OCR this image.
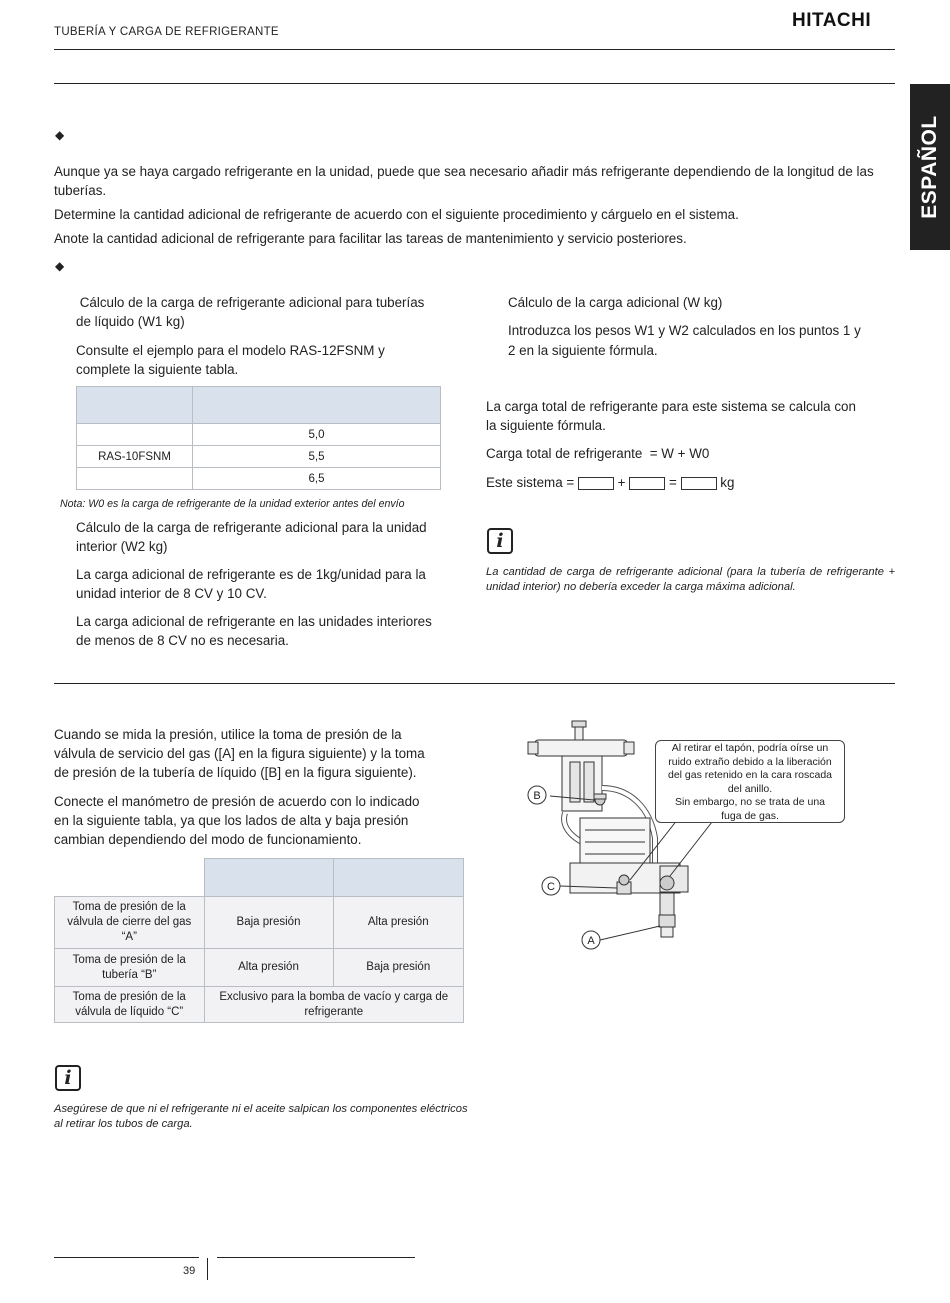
TUBERÍA Y CARGA DE REFRIGERANTE
HITACHI
ESPAÑOL
◆
Aunque ya se haya cargado refrigerante en la unidad, puede que sea necesario añadir más refrigerante dependiendo de la longitud de las tuberías.
Determine la cantidad adicional de refrigerante de acuerdo con el siguiente procedimiento y cárguelo en el sistema.
Anote la cantidad adicional de refrigerante para facilitar las tareas de mantenimiento y servicio posteriores.
◆
Cálculo de la carga de refrigerante adicional para tuberías
de líquido (W1 kg)
Consulte el ejemplo para el modelo RAS-12FSNM y
complete la siguiente tabla.

	5,0
RAS-10FSNM	5,5
	6,5
Nota: W0 es la carga de refrigerante de la unidad exterior antes del envío
Cálculo de la carga de refrigerante adicional para la unidad
interior (W2 kg)
La carga adicional de refrigerante es de 1kg/unidad para la
unidad interior de 8 CV y 10 CV.
La carga adicional de refrigerante en las unidades interiores
de menos de 8 CV no es necesaria.
Cálculo de la carga adicional (W kg)
Introduzca los pesos W1 y W2 calculados en los puntos 1 y
2 en la siguiente fórmula.
La carga total de refrigerante para este sistema se calcula con
la siguiente fórmula.
Carga total de refrigerante  = W + W0
Este sistema =	+	=	kg
i
La cantidad de carga de refrigerante adicional (para la tubería de refrigerante + unidad interior) no debería exceder la carga máxima adicional.
Cuando se mida la presión, utilice la toma de presión de la
válvula de servicio del gas ([A] en la figura siguiente) y la toma
de presión de la tubería de líquido ([B] en la figura siguiente).
Conecte el manómetro de presión de acuerdo con lo indicado
en la siguiente tabla, ya que los lados de alta y baja presión
cambian dependiendo del modo de funcionamiento.

Toma de presión de la válvula de cierre del gas “A”	Baja presión	Alta presión
Toma de presión de la tubería “B”	Alta presión	Baja presión
Toma de presión de la válvula de líquido “C”	Exclusivo para la bomba de vacío y carga de refrigerante	
i
Asegúrese de que ni el refrigerante ni el aceite salpican los componentes eléctricos al retirar los tubos de carga.
B
C
A
Al retirar el tapón, podría oírse un
ruido extraño debido a la liberación
del gas retenido en la cara roscada
del anillo.
Sin embargo, no se trata de una
fuga de gas.
39
